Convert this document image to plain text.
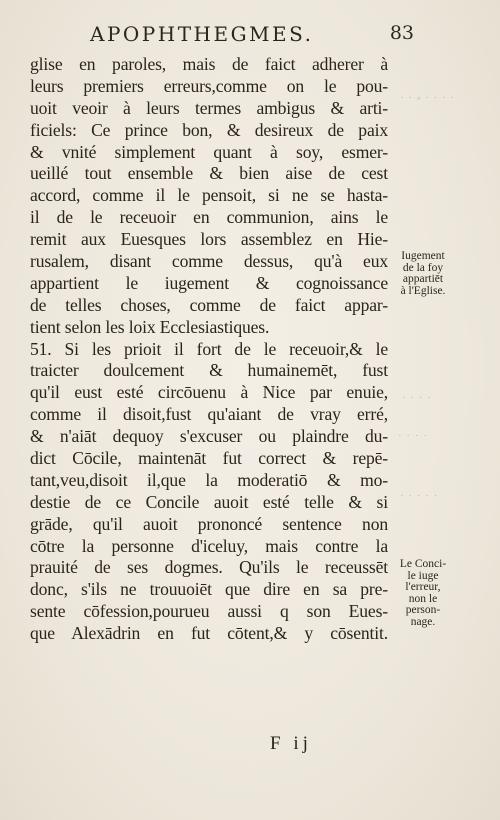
· · ⸗ · · · ·
· · · ·
· · · ·
· · · · ·
APOPHTHEGMES.	83
glise en paroles, mais de faict adherer à
leurs premiers erreurs,comme on le pou-
uoit veoir à leurs termes ambigus & arti-
ficiels: Ce prince bon, & desireux de paix
& vnité simplement quant à soy, esmer-
ueillé tout ensemble & bien aise de cest
accord, comme il le pensoit, si ne se hasta-
il de le receuoir en communion, ains le
remit aux Euesques lors assemblez en Hie-
rusalem, disant comme dessus, qu'à eux
appartient le iugement & cognoissance
de telles choses, comme de faict appar-
tient selon les loix Ecclesiastiques.
51. Si les prioit il fort de le receuoir,& le
traicter doulcement & humainemēt, fust
qu'il eust esté circōuenu à Nice par enuie,
comme il disoit,fust qu'aiant de vray erré,
& n'aiāt dequoy s'excuser ou plaindre du-
dict Cōcile, maintenāt fut correct & repē-
tant,veu,disoit il,que la moderatiō & mo-
destie de ce Concile auoit esté telle & si
grāde, qu'il auoit prononcé sentence non
cōtre la personne d'iceluy, mais contre la
prauité de ses dogmes. Qu'ils le receussēt
donc, s'ils ne trouuoiēt que dire en sa pre-
sente cōfession,pourueu aussi q son Eues-
que Alexādrin en fut cōtent,& y cōsentit.
Iugement
de la foy
appartiēt
à l'Eglise.
Le Conci-
le iuge
l'erreur,
non le
person-
nage.
F ij
